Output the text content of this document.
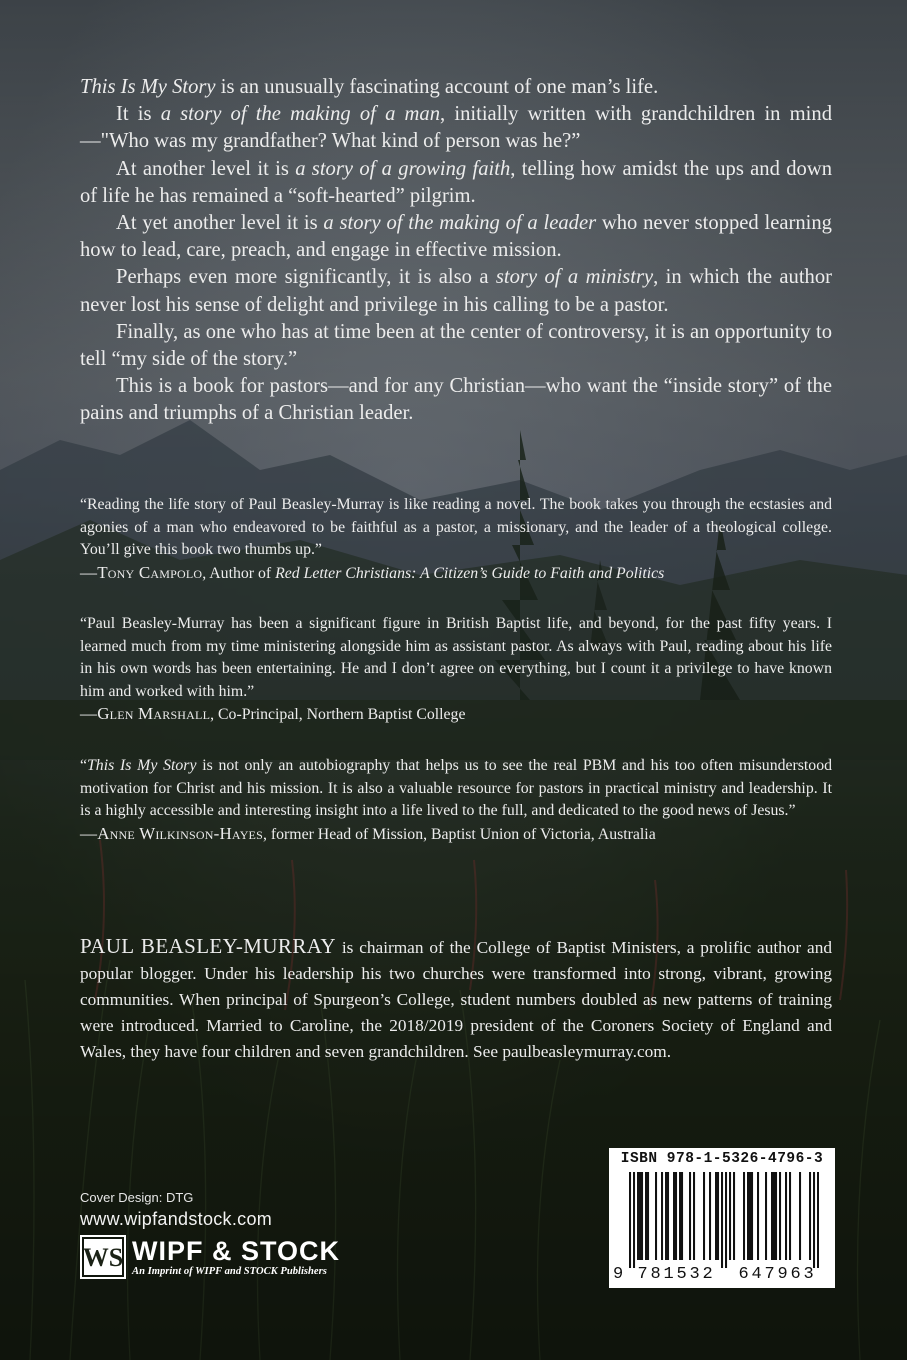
This Is My Story is an unusually fascinating account of one man’s life.

It is a story of the making of a man, initially written with grandchildren in mind—"Who was my grandfather? What kind of person was he?”

At another level it is a story of a growing faith, telling how amidst the ups and down of life he has remained a “soft-hearted” pilgrim.

At yet another level it is a story of the making of a leader who never stopped learning how to lead, care, preach, and engage in effective mission.

Perhaps even more significantly, it is also a story of a ministry, in which the author never lost his sense of delight and privilege in his calling to be a pastor.

Finally, as one who has at time been at the center of controversy, it is an opportunity to tell “my side of the story.”

This is a book for pastors—and for any Christian—who want the “inside story” of the pains and triumphs of a Christian leader.

“Reading the life story of Paul Beasley-Murray is like reading a novel. The book takes you through the ecstasies and agonies of a man who endeavored to be faithful as a pastor, a missionary, and the leader of a theological college. You’ll give this book two thumbs up.”

—Tony Campolo, Author of Red Letter Christians: A Citizen’s Guide to Faith and Politics

“Paul Beasley-Murray has been a significant figure in British Baptist life, and beyond, for the past fifty years. I learned much from my time ministering alongside him as assistant pastor. As always with Paul, reading about his life in his own words has been entertaining. He and I don’t agree on everything, but I count it a privilege to have known him and worked with him.”

—Glen Marshall, Co-Principal, Northern Baptist College

“This Is My Story is not only an autobiography that helps us to see the real PBM and his too often misunderstood motivation for Christ and his mission. It is also a valuable resource for pastors in practical ministry and leadership. It is a highly accessible and interesting insight into a life lived to the full, and dedicated to the good news of Jesus.”

—Anne Wilkinson-Hayes, former Head of Mission, Baptist Union of Victoria, Australia

PAUL BEASLEY-MURRAY is chairman of the College of Baptist Ministers, a prolific author and popular blogger. Under his leadership his two churches were transformed into strong, vibrant, growing communities. When principal of Spurgeon’s College, student numbers doubled as new patterns of training were introduced. Married to Caroline, the 2018/2019 president of the Coroners Society of England and Wales, they have four children and seven grandchildren. See paulbeasleymurray.com.

Cover Design: DTG
www.wipfandstock.com
WS WIPF & STOCK
An Imprint of WIPF and STOCK Publishers
ISBN 978-1-5326-4796-3
9 781532	647963
